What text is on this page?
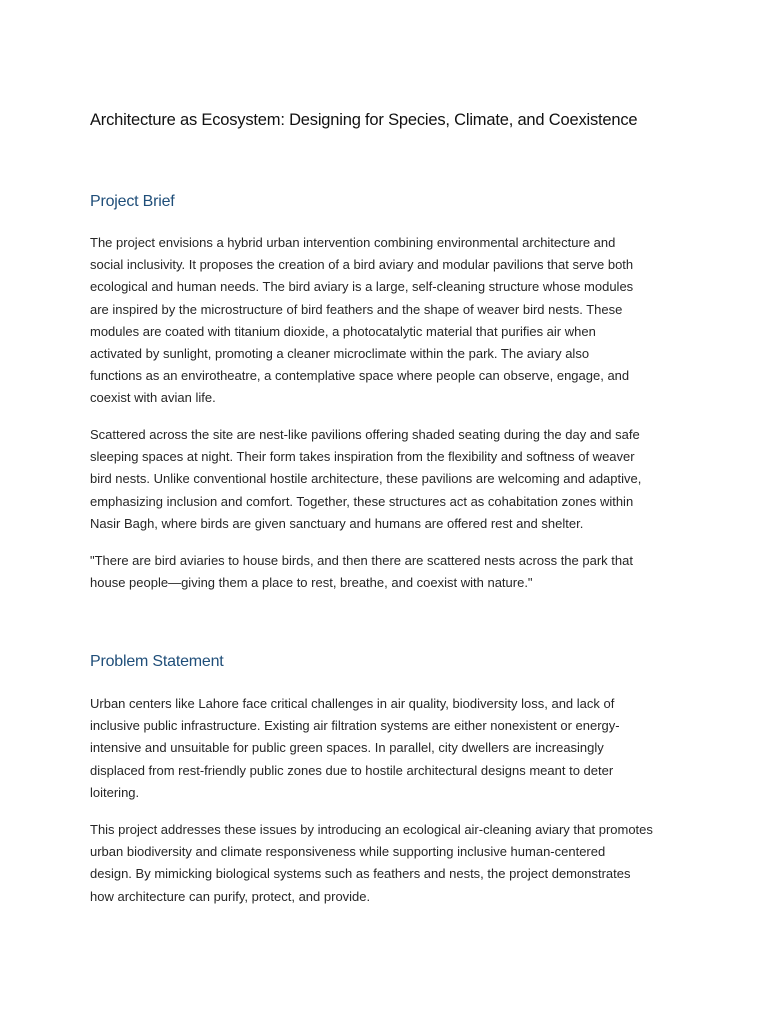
Architecture as Ecosystem: Designing for Species, Climate, and Coexistence
Project Brief

The project envisions a hybrid urban intervention combining environmental architecture and

social inclusivity. It proposes the creation of a bird aviary and modular pavilions that serve both

ecological and human needs. The bird aviary is a large, self-cleaning structure whose modules

are inspired by the microstructure of bird feathers and the shape of weaver bird nests. These

modules are coated with titanium dioxide, a photocatalytic material that purifies air when

activated by sunlight, promoting a cleaner microclimate within the park. The aviary also

functions as an envirotheatre, a contemplative space where people can observe, engage, and

coexist with avian life.

Scattered across the site are nest-like pavilions offering shaded seating during the day and safe

sleeping spaces at night. Their form takes inspiration from the flexibility and softness of weaver

bird nests. Unlike conventional hostile architecture, these pavilions are welcoming and adaptive,

emphasizing inclusion and comfort. Together, these structures act as cohabitation zones within

Nasir Bagh, where birds are given sanctuary and humans are offered rest and shelter.

"There are bird aviaries to house birds, and then there are scattered nests across the park that

house people—giving them a place to rest, breathe, and coexist with nature."

Problem Statement

Urban centers like Lahore face critical challenges in air quality, biodiversity loss, and lack of

inclusive public infrastructure. Existing air filtration systems are either nonexistent or energy-

intensive and unsuitable for public green spaces. In parallel, city dwellers are increasingly

displaced from rest-friendly public zones due to hostile architectural designs meant to deter

loitering.

This project addresses these issues by introducing an ecological air-cleaning aviary that promotes

urban biodiversity and climate responsiveness while supporting inclusive human-centered

design. By mimicking biological systems such as feathers and nests, the project demonstrates

how architecture can purify, protect, and provide.
